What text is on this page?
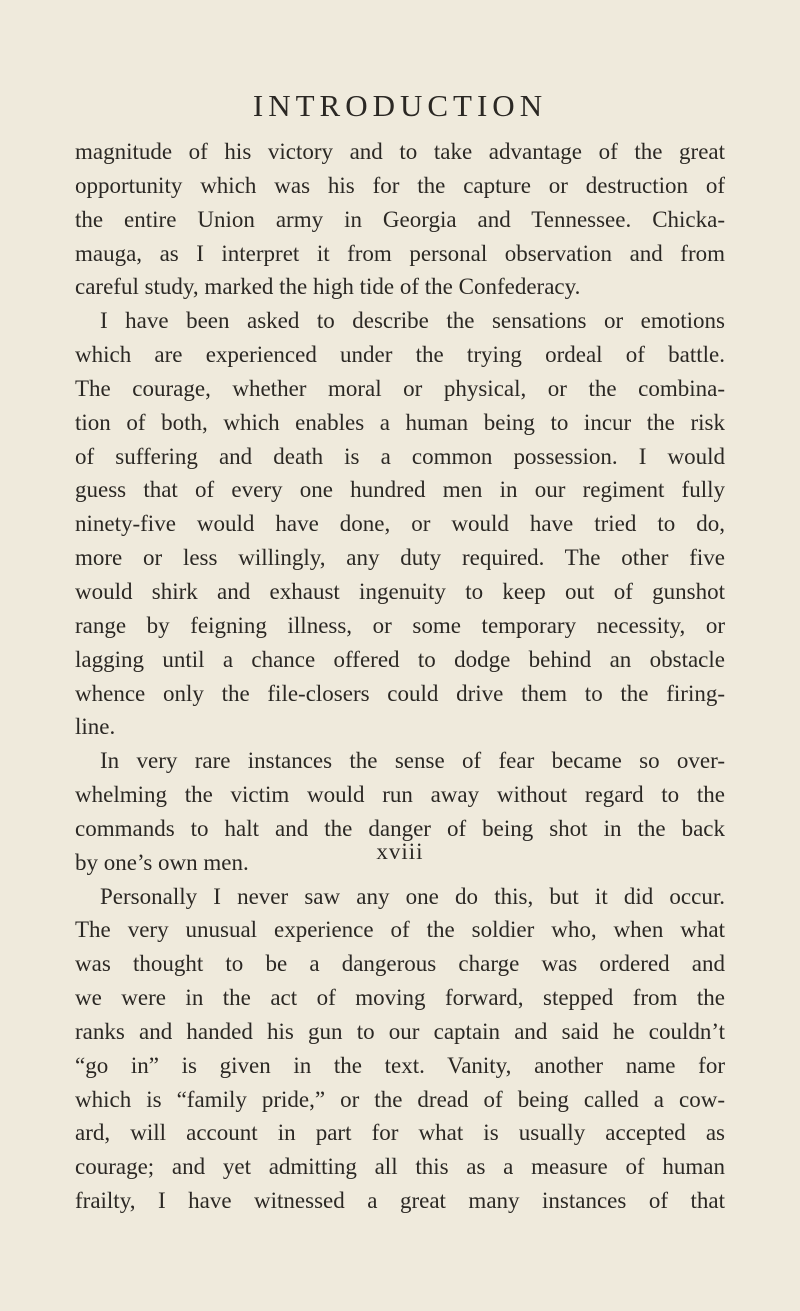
INTRODUCTION
magnitude of his victory and to take advantage of the great
opportunity which was his for the capture or destruction of
the entire Union army in Georgia and Tennessee. Chicka-
mauga, as I interpret it from personal observation and from
careful study, marked the high tide of the Confederacy.
I have been asked to describe the sensations or emotions
which are experienced under the trying ordeal of battle.
The courage, whether moral or physical, or the combina-
tion of both, which enables a human being to incur the risk
of suffering and death is a common possession. I would
guess that of every one hundred men in our regiment fully
ninety-five would have done, or would have tried to do,
more or less willingly, any duty required. The other five
would shirk and exhaust ingenuity to keep out of gunshot
range by feigning illness, or some temporary necessity, or
lagging until a chance offered to dodge behind an obstacle
whence only the file-closers could drive them to the firing-
line.
In very rare instances the sense of fear became so over-
whelming the victim would run away without regard to the
commands to halt and the danger of being shot in the back
by one’s own men.
Personally I never saw any one do this, but it did occur.
The very unusual experience of the soldier who, when what
was thought to be a dangerous charge was ordered and
we were in the act of moving forward, stepped from the
ranks and handed his gun to our captain and said he couldn’t
“go in” is given in the text. Vanity, another name for
which is “family pride,” or the dread of being called a cow-
ard, will account in part for what is usually accepted as
courage; and yet admitting all this as a measure of human
frailty, I have witnessed a great many instances of that
xviii
